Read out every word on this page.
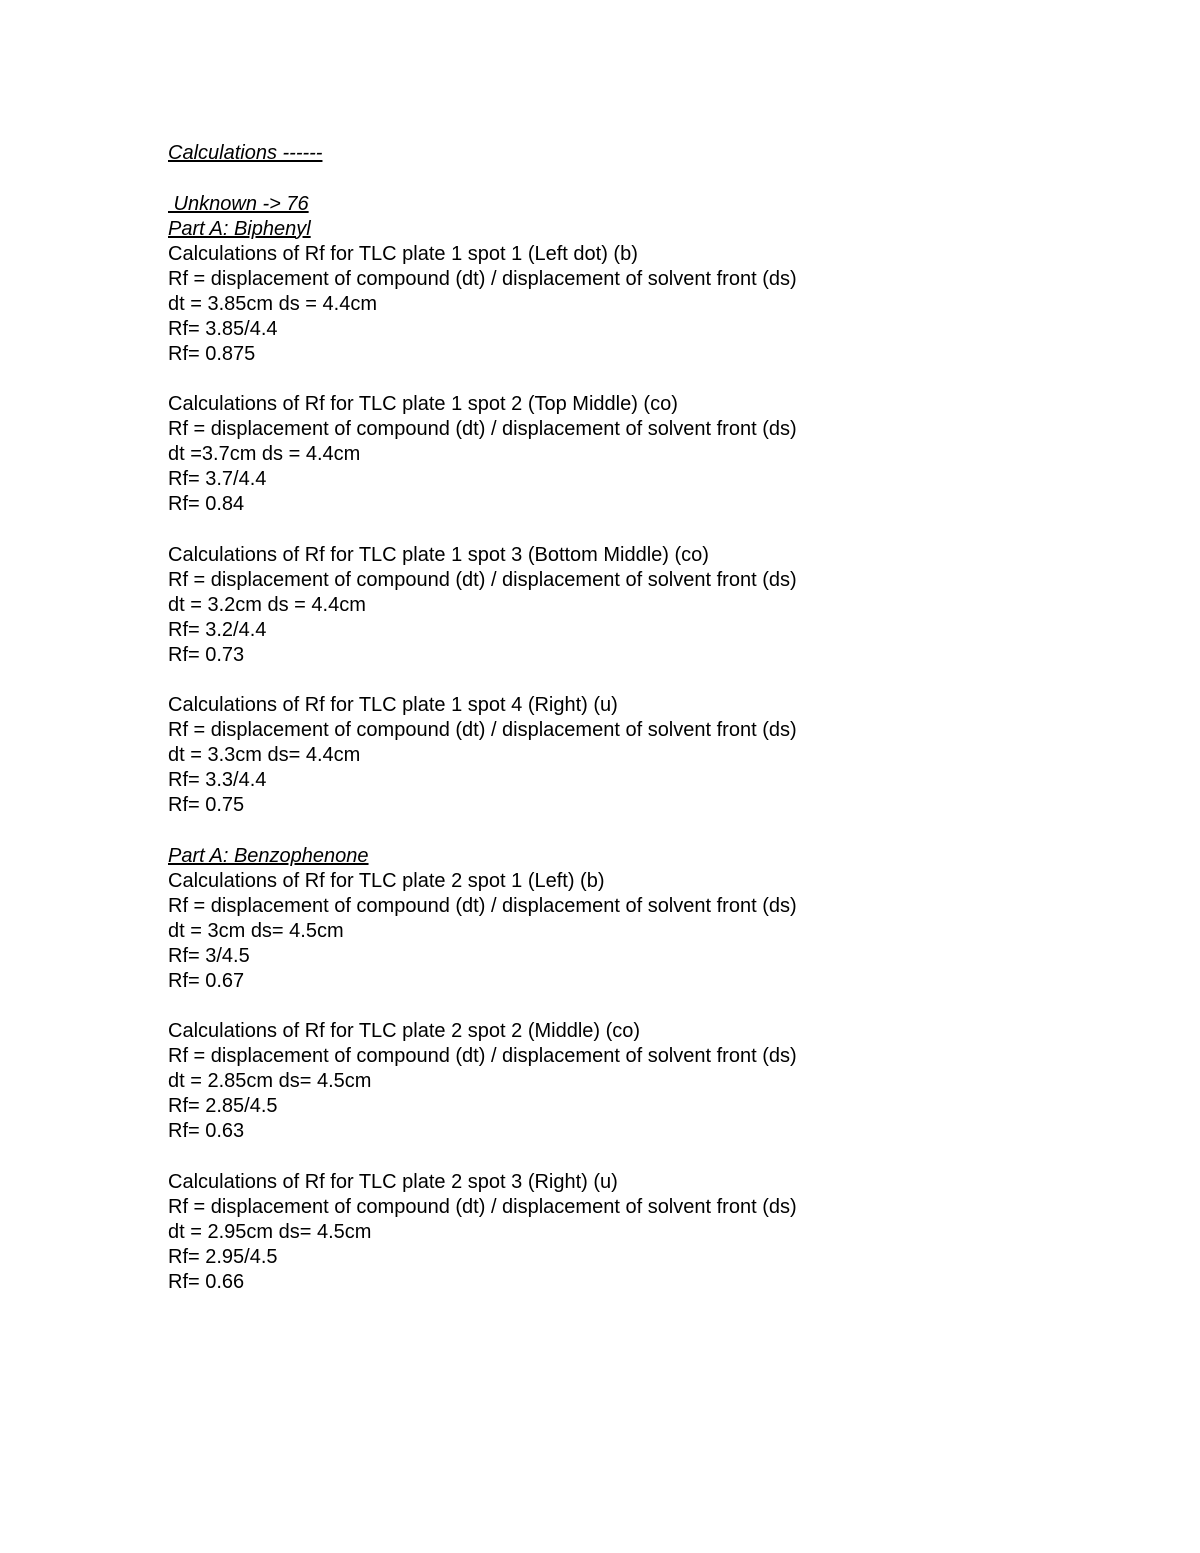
Calculations ------
Unknown -> 76
Part A: Biphenyl
Calculations of Rf for TLC plate 1 spot 1 (Left dot) (b)
Rf = displacement of compound (dt) / displacement of solvent front (ds)
dt = 3.85cm ds = 4.4cm
Rf= 3.85/4.4
Rf= 0.875
Calculations of Rf for TLC plate 1 spot 2 (Top Middle) (co)
Rf = displacement of compound (dt) / displacement of solvent front (ds)
dt =3.7cm ds = 4.4cm
Rf= 3.7/4.4
Rf= 0.84
Calculations of Rf for TLC plate 1 spot 3 (Bottom Middle) (co)
Rf = displacement of compound (dt) / displacement of solvent front (ds)
dt = 3.2cm ds = 4.4cm
Rf= 3.2/4.4
Rf= 0.73
Calculations of Rf for TLC plate 1 spot 4 (Right) (u)
Rf = displacement of compound (dt) / displacement of solvent front (ds)
dt = 3.3cm ds= 4.4cm
Rf= 3.3/4.4
Rf= 0.75
Part A: Benzophenone
Calculations of Rf for TLC plate 2 spot 1 (Left) (b)
Rf = displacement of compound (dt) / displacement of solvent front (ds)
dt = 3cm ds= 4.5cm
Rf= 3/4.5
Rf= 0.67
Calculations of Rf for TLC plate 2 spot 2 (Middle) (co)
Rf = displacement of compound (dt) / displacement of solvent front (ds)
dt = 2.85cm ds= 4.5cm
Rf= 2.85/4.5
Rf= 0.63
Calculations of Rf for TLC plate 2 spot 3 (Right) (u)
Rf = displacement of compound (dt) / displacement of solvent front (ds)
dt = 2.95cm ds= 4.5cm
Rf= 2.95/4.5
Rf= 0.66
